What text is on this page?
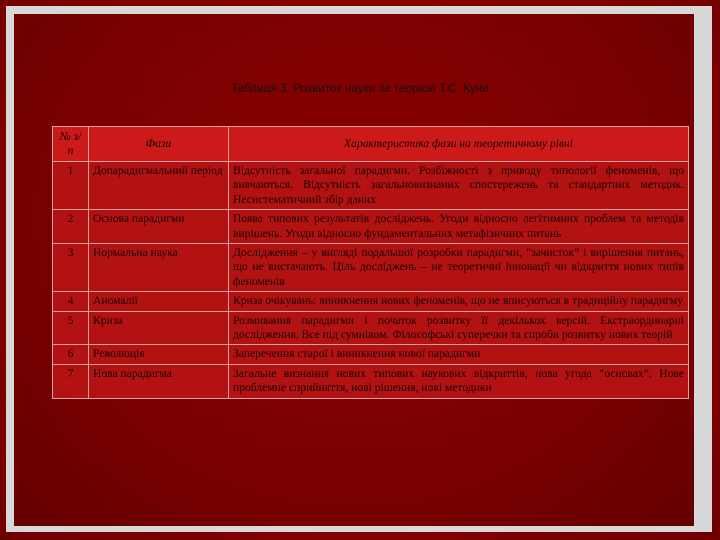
Таблиця 3. Розвиток науки за теорією Т.С. Куна
№ з/п	Фази	Характеристика фази на теоретичному рівні
1	Допарадигмальний період	Відсутність загальної парадигми. Розбіжності з приводу типології феноменів, що вивчаються. Відсутність загальновизнаних спостережень та стандартних методик. Несистематичний збір даних
2	Основа парадигми	Поява типових результатів досліджень. Угоди відносно легітимних проблем та методів вирішень. Угоди відносно фундаментальних метафізичних питань
3	Нормальна наука	Дослідження – у вигляді подальшої розробки парадигми, “зачисток” і вирішення питань, що не вистачають. Ціль досліджень – не теоретичні інновації чи відкриття нових типів феноменів
4	Аномалії	Криза очікувань: виникнення нових феноменів, що не вписуються в традиційну парадигму
5	Криза	Розмивання парадигми і початок розвитку її декількох версій. Екстраординарні дослідження. Все під сумнівом. Філософські суперечки та спроби розвитку нових теорій
6	Революція	Заперечення старої і виникнення нової парадигми
7	Нова парадигма	Загальне визнання нових типових наукових відкриттів, нова угода “основах”. Нове проблемне сприйняття, нові рішення, нові методики
